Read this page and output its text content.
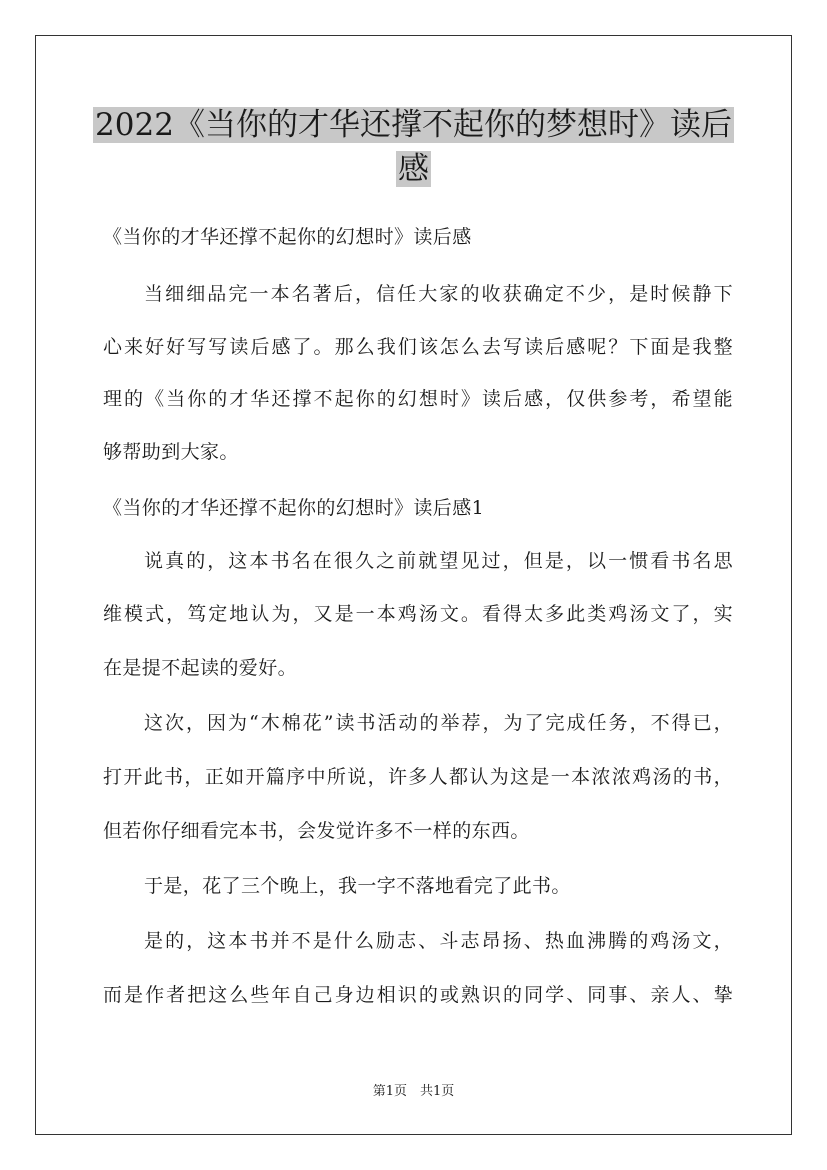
2022《当你的才华还撑不起你的梦想时》读后
感
《当你的才华还撑不起你的幻想时》读后感
当细细品完一本名著后，信任大家的收获确定不少，是时候静下
心来好好写写读后感了。那么我们该怎么去写读后感呢？下面是我整
理的《当你的才华还撑不起你的幻想时》读后感，仅供参考，希望能
够帮助到大家。
《当你的才华还撑不起你的幻想时》读后感1
说真的，这本书名在很久之前就望见过，但是，以一惯看书名思
维模式，笃定地认为，又是一本鸡汤文。看得太多此类鸡汤文了，实
在是提不起读的爱好。
这次，因为“木棉花”读书活动的举荐，为了完成任务，不得已，
打开此书，正如开篇序中所说，许多人都认为这是一本浓浓鸡汤的书，
但若你仔细看完本书，会发觉许多不一样的东西。
于是，花了三个晚上，我一字不落地看完了此书。
是的，这本书并不是什么励志、斗志昂扬、热血沸腾的鸡汤文，
而是作者把这么些年自己身边相识的或熟识的同学、同事、亲人、挚
第1页　共1页
